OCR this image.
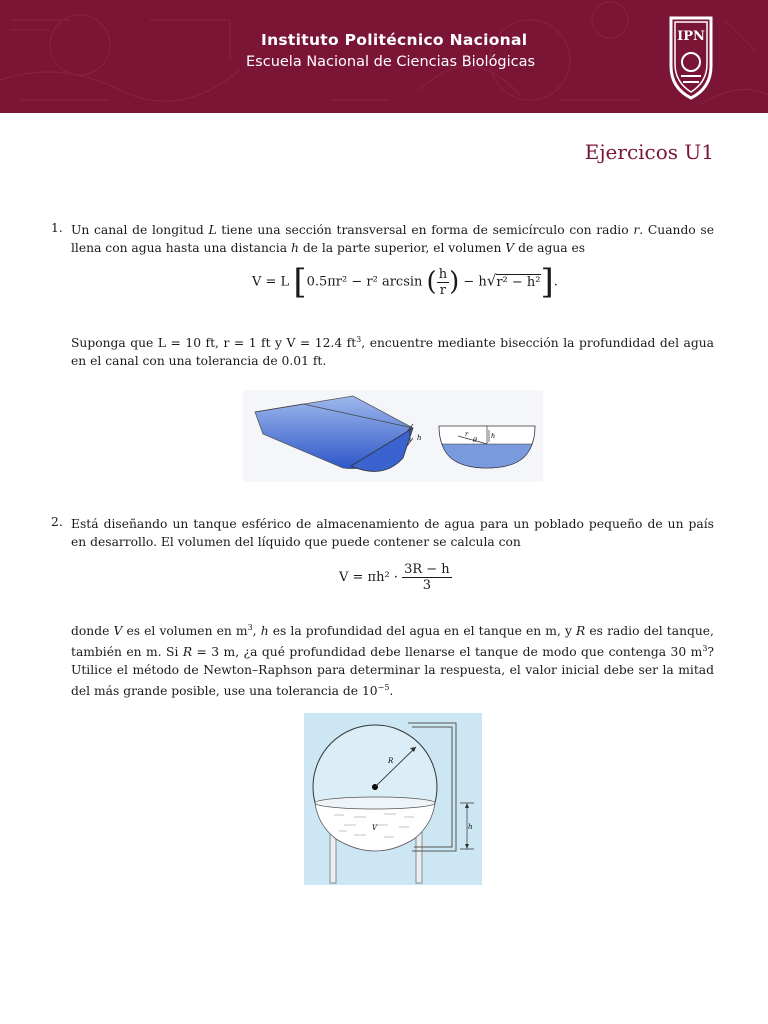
Instituto Politécnico Nacional
Escuela Nacional de Ciencias Biológicas
IPN
Ejercicos U1
1. Un canal de longitud L tiene una sección transversal en forma de semicírculo con radio r. Cuando se llena con agua hasta una distancia h de la parte superior, el volumen V de agua es
V = L [0.5πr² − r² arcsin ( $\frac{h}{r}$ ) − h√r² − h²].
Suponga que L = 10 ft, r = 1 ft y V = 12.4 $ft^3$, encuentre mediante bisección la profundidad del agua en el canal con una tolerancia de 0.01 ft.
h	r
θ h
2. Está diseñando un tanque esférico de almacenamiento de agua para un poblado pequeño de un país en desarrollo. El volumen del líquido que puede contener se calcula con
$V = \pi h^2 \cdot \frac{3R - h}{3}$
donde V es el volumen en $m^3$, h es la profundidad del agua en el tanque en m, y R es radio del tanque, también en m. Si R = 3 m, ¿a qué profundidad debe llenarse el tanque de modo que contenga 30 $m^3$? Utilice el método de Newton–Raphson para determinar la respuesta, el valor inicial debe ser la mitad del más grande posible, use una tolerancia de $10^{-5}$.
R
V	h
